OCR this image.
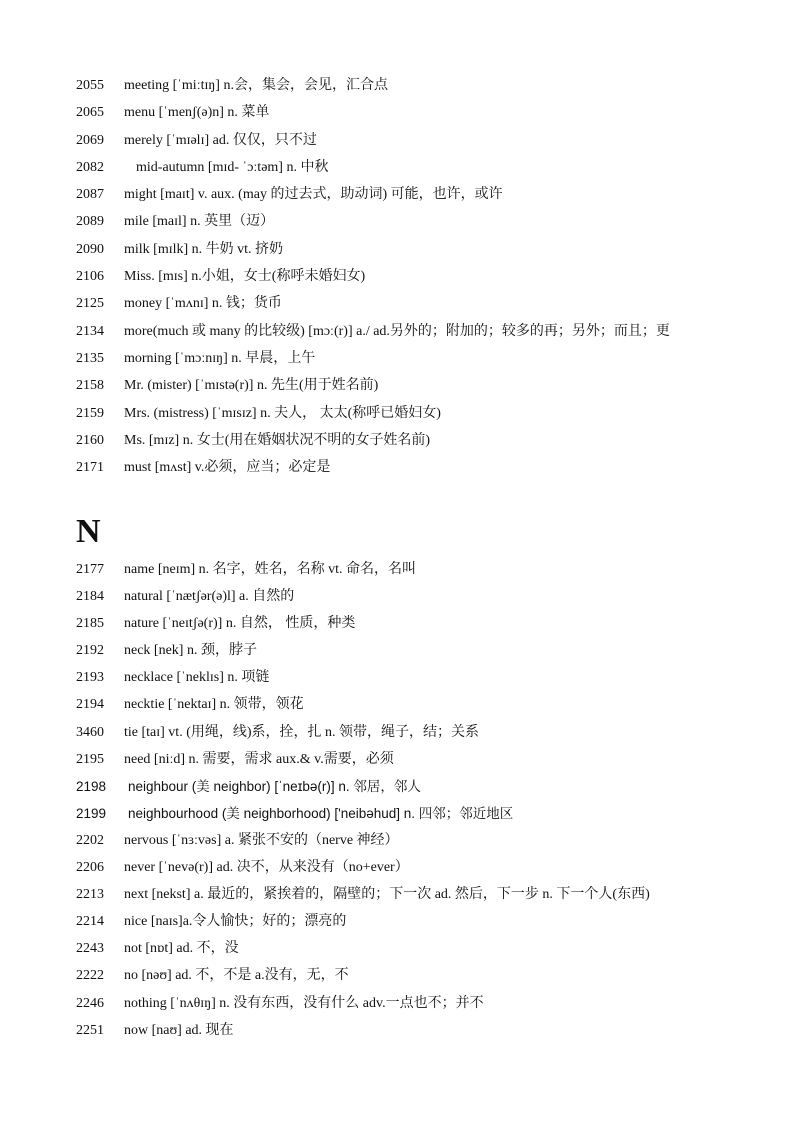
2055 meeting [ˈmiːtɪŋ] n.会，集会，会见，汇合点
2065 menu [ˈmenʃ(ə)n] n. 菜单
2069 merely [ˈmɪəlɪ] ad. 仅仅，只不过
2082 mid-autumn [mɪd- ˈɔːtəm] n. 中秋
2087 might [maɪt] v. aux. (may 的过去式，助动词) 可能，也许，或许
2089 mile [maɪl] n. 英里（迈）
2090 milk [mɪlk] n. 牛奶 vt. 挤奶
2106 Miss. [mɪs] n.小姐，女士(称呼未婚妇女)
2125 money [ˈmʌnɪ] n. 钱；货币
2134 more(much 或 many 的比较级) [mɔː(r)] a./ ad.另外的；附加的；较多的再；另外；而且；更
2135 morning [ˈmɔːnɪŋ] n. 早晨，上午
2158 Mr. (mister) [ˈmɪstə(r)] n. 先生(用于姓名前)
2159 Mrs. (mistress) [ˈmɪsɪz] n. 夫人， 太太(称呼已婚妇女)
2160 Ms. [mɪz] n. 女士(用在婚姻状况不明的女子姓名前)
2171 must [mʌst] v.必须，应当；必定是
N
2177 name [neɪm] n. 名字，姓名，名称 vt. 命名，名叫
2184 natural [ˈnætʃər(ə)l] a. 自然的
2185 nature [ˈneɪtʃə(r)] n. 自然， 性质，种类
2192 neck [nek] n. 颈，脖子
2193 necklace [ˈneklɪs] n. 项链
2194 necktie [ˈnektaɪ] n. 领带，领花
3460 tie [taɪ] vt. (用绳，线)系，拴，扎 n. 领带，绳子，结；关系
2195 need [niːd] n. 需要，需求 aux.& v.需要，必须
2198 neighbour (美 neighbor) [ˈneɪbə(r)] n. 邻居，邻人
2199 neighbourhood (美 neighborhood) ['neibəhud] n. 四邻；邻近地区
2202 nervous [ˈnɜːvəs] a. 紧张不安的（nerve 神经）
2206 never [ˈnevə(r)] ad. 决不，从来没有（no+ever）
2213 next [nekst] a. 最近的，紧挨着的，隔壁的；下一次 ad. 然后，下一步 n. 下一个人(东西)
2214 nice [naɪs]a.令人愉快；好的；漂亮的
2243 not [nɒt] ad. 不，没
2222 no [nəʊ] ad. 不，不是 a.没有，无，不
2246 nothing [ˈnʌθɪŋ] n. 没有东西，没有什么 adv.一点也不；并不
2251 now [naʊ] ad. 现在
